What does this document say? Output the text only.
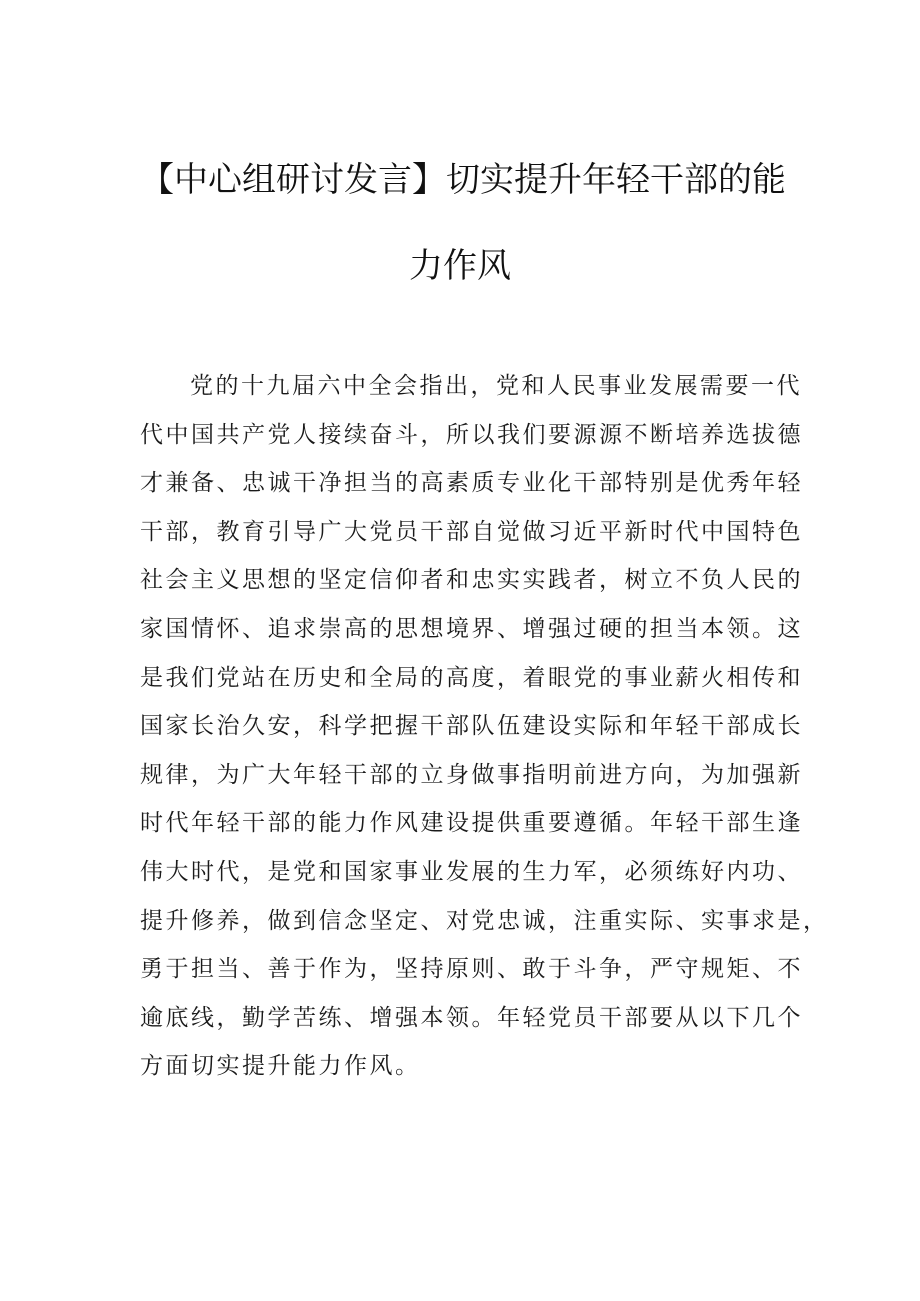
【中心组研讨发言】切实提升年轻干部的能
力作风
党的十九届六中全会指出，党和人民事业发展需要一代
代中国共产党人接续奋斗，所以我们要源源不断培养选拔德
才兼备、忠诚干净担当的高素质专业化干部特别是优秀年轻
干部，教育引导广大党员干部自觉做习近平新时代中国特色
社会主义思想的坚定信仰者和忠实实践者，树立不负人民的
家国情怀、追求崇高的思想境界、增强过硬的担当本领。这
是我们党站在历史和全局的高度，着眼党的事业薪火相传和
国家长治久安，科学把握干部队伍建设实际和年轻干部成长
规律，为广大年轻干部的立身做事指明前进方向，为加强新
时代年轻干部的能力作风建设提供重要遵循。年轻干部生逢
伟大时代，是党和国家事业发展的生力军，必须练好内功、
提升修养，做到信念坚定、对党忠诚，注重实际、实事求是，
勇于担当、善于作为，坚持原则、敢于斗争，严守规矩、不
逾底线，勤学苦练、增强本领。年轻党员干部要从以下几个
方面切实提升能力作风。
